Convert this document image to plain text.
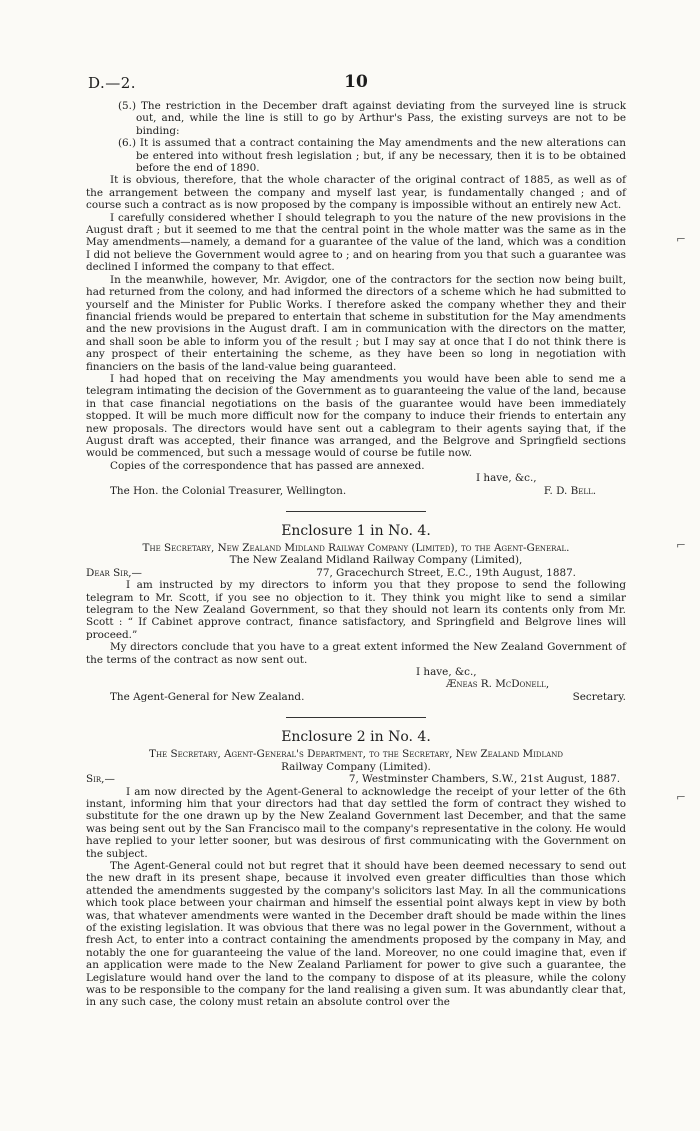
D.—2.	10

(5.) The restriction in the December draft against deviating from the surveyed line is struck out, and, while the line is still to go by Arthur's Pass, the existing surveys are not to be binding:

(6.) It is assumed that a contract containing the May amendments and the new alterations can be entered into without fresh legislation ; but, if any be necessary, then it is to be obtained before the end of 1890.

It is obvious, therefore, that the whole character of the original contract of 1885, as well as of the arrangement between the company and myself last year, is fundamentally changed ; and of course such a contract as is now proposed by the company is impossible without an entirely new Act.

I carefully considered whether I should telegraph to you the nature of the new provisions in the August draft ; but it seemed to me that the central point in the whole matter was the same as in the May amendments—namely, a demand for a guarantee of the value of the land, which was a condition I did not believe the Government would agree to ; and on hearing from you that such a guarantee was declined I informed the company to that effect.

In the meanwhile, however, Mr. Avigdor, one of the contractors for the section now being built, had returned from the colony, and had informed the directors of a scheme which he had submitted to yourself and the Minister for Public Works. I therefore asked the company whether they and their financial friends would be prepared to entertain that scheme in substitution for the May amendments and the new provisions in the August draft. I am in communication with the directors on the matter, and shall soon be able to inform you of the result ; but I may say at once that I do not think there is any prospect of their entertaining the scheme, as they have been so long in negotiation with financiers on the basis of the land-value being guaranteed.

I had hoped that on receiving the May amendments you would have been able to send me a telegram intimating the decision of the Government as to guaranteeing the value of the land, because in that case financial negotiations on the basis of the guarantee would have been immediately stopped. It will be much more difficult now for the company to induce their friends to entertain any new proposals. The directors would have sent out a cablegram to their agents saying that, if the August draft was accepted, their finance was arranged, and the Belgrove and Springfield sections would be commenced, but such a message would of course be futile now.

Copies of the correspondence that has passed are annexed.

I have, &c.,

The Hon. the Colonial Treasurer, Wellington.	F. D. Bell.

Enclosure 1 in No. 4.

The Secretary, New Zealand Midland Railway Company (Limited), to the Agent-General.

The New Zealand Midland Railway Company (Limited),

Dear Sir,—	77, Gracechurch Street, E.C., 19th August, 1887.

I am instructed by my directors to inform you that they propose to send the following telegram to Mr. Scott, if you see no objection to it. They think you might like to send a similar telegram to the New Zealand Government, so that they should not learn its contents only from Mr. Scott : “ If Cabinet approve contract, finance satisfactory, and Springfield and Belgrove lines will proceed.”

My directors conclude that you have to a great extent informed the New Zealand Government of the terms of the contract as now sent out.

I have, &c.,

Æneas R. McDonell,

The Agent-General for New Zealand.	Secretary.

Enclosure 2 in No. 4.

The Secretary, Agent-General's Department, to the Secretary, New Zealand Midland

Railway Company (Limited).

Sir,—	7, Westminster Chambers, S.W., 21st August, 1887.

I am now directed by the Agent-General to acknowledge the receipt of your letter of the 6th instant, informing him that your directors had that day settled the form of contract they wished to substitute for the one drawn up by the New Zealand Government last December, and that the same was being sent out by the San Francisco mail to the company's representative in the colony. He would have replied to your letter sooner, but was desirous of first communicating with the Government on the subject.

The Agent-General could not but regret that it should have been deemed necessary to send out the new draft in its present shape, because it involved even greater difficulties than those which attended the amendments suggested by the company's solicitors last May. In all the communications which took place between your chairman and himself the essential point always kept in view by both was, that whatever amendments were wanted in the December draft should be made within the lines of the existing legislation. It was obvious that there was no legal power in the Government, without a fresh Act, to enter into a contract containing the amendments proposed by the company in May, and notably the one for guaranteeing the value of the land. Moreover, no one could imagine that, even if an application were made to the New Zealand Parliament for power to give such a guarantee, the Legislature would hand over the land to the company to dispose of at its pleasure, while the colony was to be responsible to the company for the land realising a given sum. It was abundantly clear that, in any such case, the colony must retain an absolute control over the

⌐
⌐
⌐
